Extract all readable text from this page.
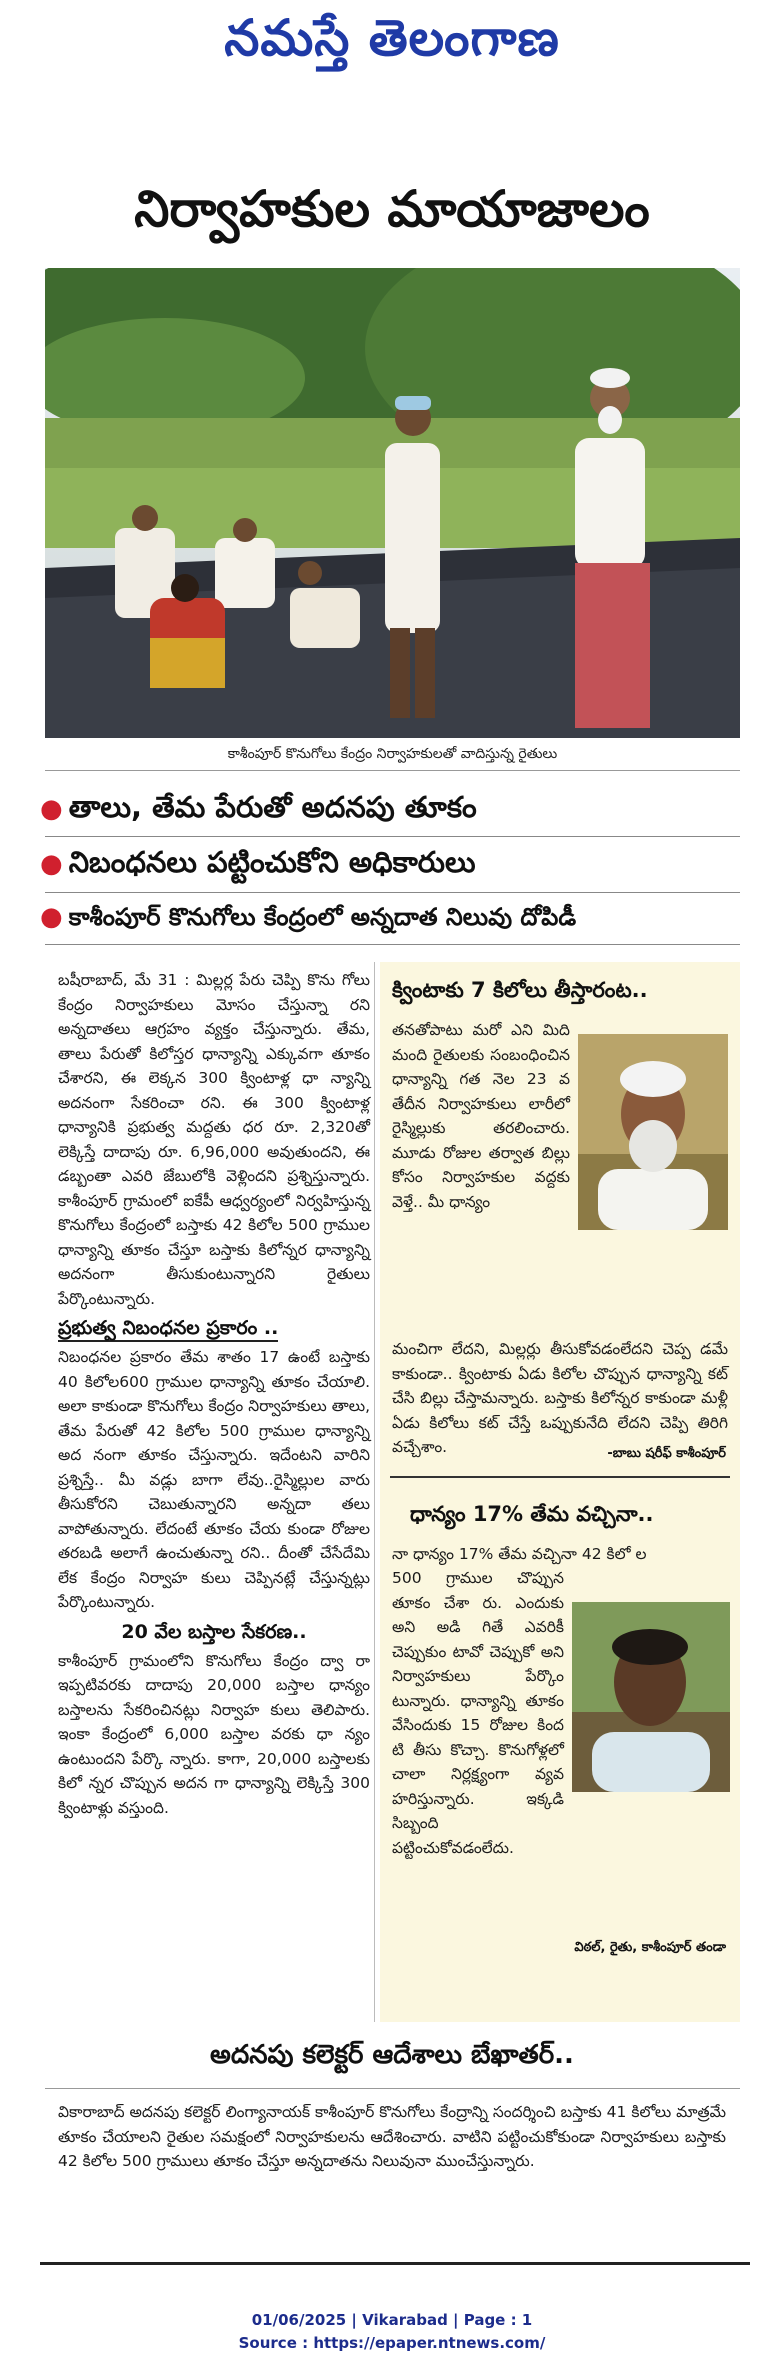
నమస్తే తెలంగాణ
నిర్వాహకుల మాయాజాలం
కాశీంపూర్ కొనుగోలు కేంద్రం నిర్వాహకులతో వాదిస్తున్న రైతులు
● తాలు, తేమ పేరుతో అదనపు తూకం
● నిబంధనలు పట్టించుకోని అధికారులు
● కాశీంపూర్ కొనుగోలు కేంద్రంలో అన్నదాత నిలువు దోపిడీ

బషీరాబాద్, మే 31 : మిల్లర్ల పేరు చెప్పి కొను గోలు కేంద్రం నిర్వాహకులు మోసం చేస్తున్నా రని అన్నదాతలు ఆగ్రహం వ్యక్తం చేస్తున్నారు. తేమ, తాలు పేరుతో కిలోస్తర ధాన్యాన్ని ఎక్కువగా తూకం చేశారని, ఈ లెక్కన 300 క్వింటాళ్ల ధా న్యాన్ని అదనంగా సేకరించా రని. ఈ 300 క్వింటాళ్ల ధాన్యానికి ప్రభుత్వ మద్దతు ధర రూ. 2,320తో లెక్కిస్తే దాదాపు రూ. 6,96,000 అవుతుందని, ఈ డబ్బంతా ఎవరి జేబులోకి వెళ్లిందని ప్రశ్నిస్తున్నారు. కాశీంపూర్ గ్రామంలో ఐకేపీ ఆధ్వర్యంలో నిర్వహిస్తున్న కొనుగోలు కేంద్రంలో బస్తాకు 42 కిలోల 500 గ్రాముల ధాన్యాన్ని తూకం చేస్తూ బస్తాకు కిలోన్నర ధాన్యాన్ని అదనంగా తీసుకుంటున్నారని రైతులు పేర్కొంటున్నారు.

ప్రభుత్వ నిబంధనల ప్రకారం ..

నిబంధనల ప్రకారం తేమ శాతం 17 ఉంటే బస్తాకు 40 కిలోల600 గ్రాముల ధాన్యాన్ని తూకం చేయాలి. అలా కాకుండా కొనుగోలు కేంద్రం నిర్వాహకులు తాలు, తేమ పేరుతో 42 కిలోల 500 గ్రాముల ధాన్యాన్ని అద నంగా తూకం చేస్తున్నారు. ఇదేంటని వారిని ప్రశ్నిస్తే.. మీ వడ్లు బాగా లేవు..రైస్మిల్లుల వారు తీసుకోరని చెబుతున్నారని అన్నదా తలు వాపోతున్నారు. లేదంటే తూకం చేయ కుండా రోజుల తరబడి అలాగే ఉంచుతున్నా రని.. దీంతో చేసేదేమి లేక కేంద్రం నిర్వాహ కులు చెప్పినట్లే చేస్తున్నట్లు పేర్కొంటున్నారు.

20 వేల బస్తాల సేకరణ..

కాశీంపూర్ గ్రామంలోని కొనుగోలు కేంద్రం ద్వా రా ఇప్పటివరకు దాదాపు 20,000 బస్తాల ధాన్యం బస్తాలను సేకరించినట్లు నిర్వాహ కులు తెలిపారు. ఇంకా కేంద్రంలో 6,000 బస్తాల వరకు ధా న్యం ఉంటుందని పేర్కొ న్నారు. కాగా, 20,000 బస్తాలకు కిలో న్నర చొప్పున అదన గా ధాన్యాన్ని లెక్కిస్తే 300 క్వింటాళ్లు వస్తుంది.

క్వింటాకు 7 కిలోలు తీస్తారంట..
తనతోపాటు మరో ఎని మిది మంది రైతులకు సంబంధించిన ధాన్యాన్ని గత నెల 23 వ తేదీన నిర్వాహకులు లారీలో రైస్మిల్లుకు తరలించారు. మూడు రోజుల తర్వాత బిల్లు కోసం నిర్వాహకుల వద్దకు వెళ్తే.. మీ ధాన్యం
మంచిగా లేదని, మిల్లర్లు తీసుకోవడంలేదని చెప్ప డమే కాకుండా.. క్వింటాకు ఏడు కిలోల చొప్పున ధాన్యాన్ని కట్ చేసి బిల్లు చేస్తామన్నారు. బస్తాకు కిలోన్నర కాకుండా మళ్లీ ఏడు కిలోలు కట్ చేస్తే ఒప్పుకునేది లేదని చెప్పి తిరిగి వచ్చేశాం.	-బాబు షరీఫ్ కాశీంపూర్
ధాన్యం 17% తేమ వచ్చినా..
నా ధాన్యం 17% తేమ వచ్చినా 42 కిలో ల
500 గ్రాముల చొప్పున తూకం చేశా రు. ఎందుకు అని అడి గితే ఎవరికీ చెప్పుకుం టావో చెప్పుకో అని నిర్వాహకులు పేర్కొం టున్నారు. ధాన్యాన్ని తూకం వేసిందుకు 15 రోజుల కింద టి తీసు కొచ్చా. కొనుగోళ్లలో చాలా నిర్లక్ష్యంగా వ్యవ హరిస్తున్నారు. ఇక్కడి సిబ్బంది పట్టించుకోవడంలేదు.
విఠల్, రైతు, కాశీంపూర్ తండా
అదనపు కలెక్టర్ ఆదేశాలు బేఖాతర్..
వికారాబాద్ అదనపు కలెక్టర్ లింగ్యానాయక్ కాశీంపూర్ కొనుగోలు కేంద్రాన్ని సందర్శించి బస్తాకు 41 కిలోలు మాత్రమే తూకం చేయాలని రైతుల సమక్షంలో నిర్వాహకులను ఆదేశించారు. వాటిని పట్టించుకోకుండా నిర్వాహకులు బస్తాకు 42 కిలోల 500 గ్రాములు తూకం చేస్తూ అన్నదాతను నిలువునా ముంచేస్తున్నారు.
01/06/2025 | Vikarabad | Page : 1
Source : https://epaper.ntnews.com/
